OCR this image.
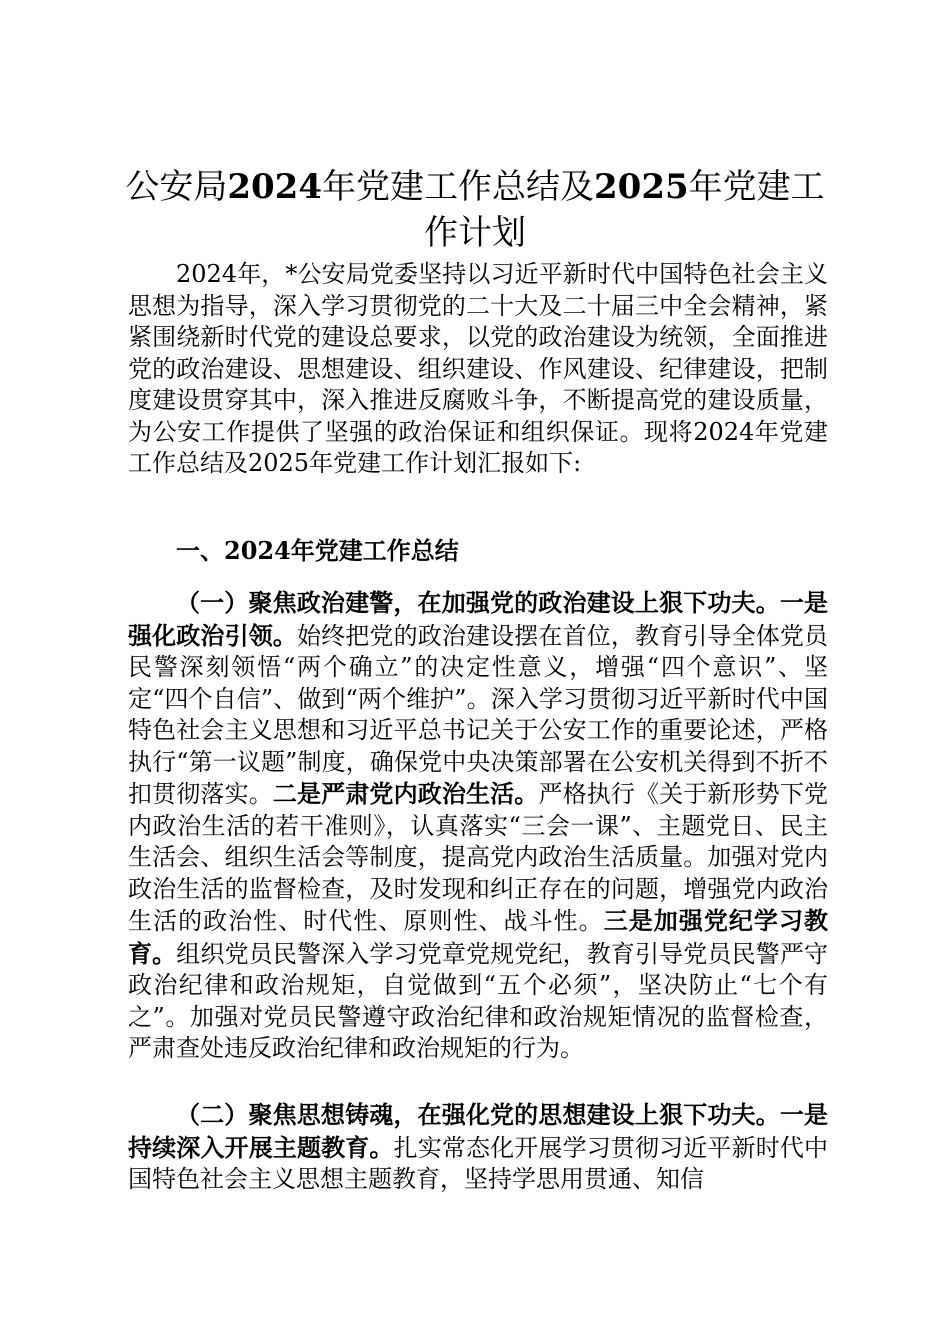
公安局2024年党建工作总结及2025年党建工作计划

2024年，*公安局党委坚持以习近平新时代中国特色社会主义思想为指导，深入学习贯彻党的二十大及二十届三中全会精神，紧紧围绕新时代党的建设总要求，以党的政治建设为统领，全面推进党的政治建设、思想建设、组织建设、作风建设、纪律建设，把制度建设贯穿其中，深入推进反腐败斗争，不断提高党的建设质量，为公安工作提供了坚强的政治保证和组织保证。现将2024年党建工作总结及2025年党建工作计划汇报如下:

一、2024年党建工作总结

（一）聚焦政治建警，在加强党的政治建设上狠下功夫。一是强化政治引领。始终把党的政治建设摆在首位，教育引导全体党员民警深刻领悟“两个确立”的决定性意义，增强“四个意识”、坚定“四个自信”、做到“两个维护”。深入学习贯彻习近平新时代中国特色社会主义思想和习近平总书记关于公安工作的重要论述，严格执行“第一议题”制度，确保党中央决策部署在公安机关得到不折不扣贯彻落实。二是严肃党内政治生活。严格执行《关于新形势下党内政治生活的若干准则》，认真落实“三会一课”、主题党日、民主生活会、组织生活会等制度，提高党内政治生活质量。加强对党内政治生活的监督检查，及时发现和纠正存在的问题，增强党内政治生活的政治性、时代性、原则性、战斗性。三是加强党纪学习教育。组织党员民警深入学习党章党规党纪，教育引导党员民警严守政治纪律和政治规矩，自觉做到“五个必须”，坚决防止“七个有之”。加强对党员民警遵守政治纪律和政治规矩情况的监督检查，严肃查处违反政治纪律和政治规矩的行为。

（二）聚焦思想铸魂，在强化党的思想建设上狠下功夫。一是持续深入开展主题教育。扎实常态化开展学习贯彻习近平新时代中国特色社会主义思想主题教育，坚持学思用贯通、知信
